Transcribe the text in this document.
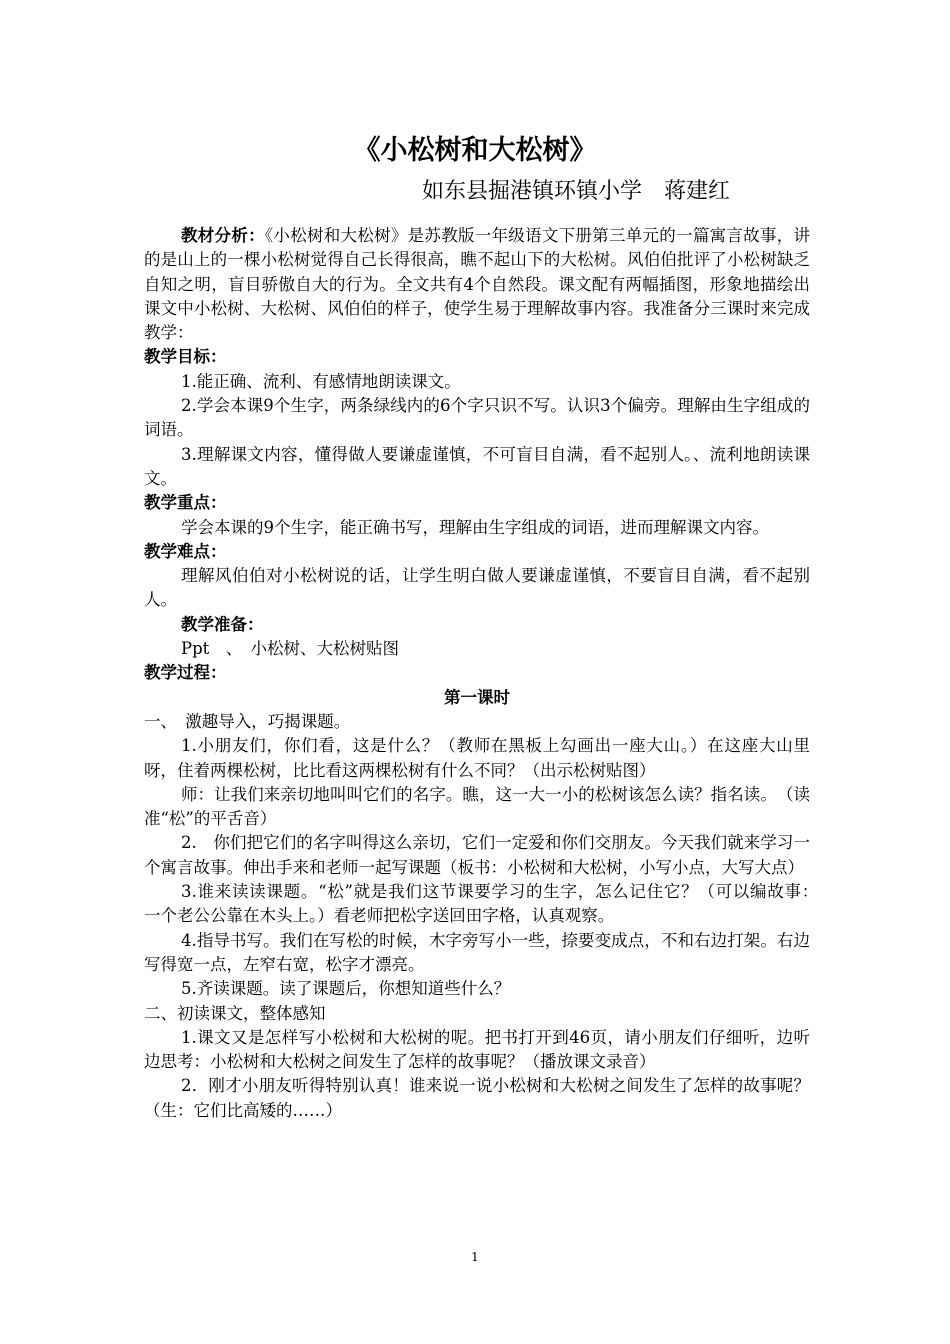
《小松树和大松树》
如东县掘港镇环镇小学　蒋建红

教材分析：《小松树和大松树》是苏教版一年级语文下册第三单元的一篇寓言故事，讲的是山上的一棵小松树觉得自己长得很高，瞧不起山下的大松树。风伯伯批评了小松树缺乏自知之明，盲目骄傲自大的行为。全文共有4个自然段。课文配有两幅插图，形象地描绘出课文中小松树、大松树、风伯伯的样子，使学生易于理解故事内容。我准备分三课时来完成教学：

教学目标：

1.能正确、流利、有感情地朗读课文。

2.学会本课9个生字，两条绿线内的6个字只识不写。认识3个偏旁。理解由生字组成的词语。

3.理解课文内容，懂得做人要谦虚谨慎，不可盲目自满，看不起别人。、流利地朗读课文。

教学重点：

学会本课的9个生字，能正确书写，理解由生字组成的词语，进而理解课文内容。

教学难点：

理解风伯伯对小松树说的话，让学生明白做人要谦虚谨慎，不要盲目自满，看不起别人。

教学准备：

Ppt　、　小松树、大松树贴图

教学过程：

第一课时

一、　激趣导入，巧揭课题。

1.小朋友们，你们看，这是什么？（教师在黑板上勾画出一座大山。）在这座大山里呀，住着两棵松树，比比看这两棵松树有什么不同？（出示松树贴图）

师：让我们来亲切地叫叫它们的名字。瞧，这一大一小的松树该怎么读？指名读。　（读准“松”的平舌音）

2.　你们把它们的名字叫得这么亲切，它们一定爱和你们交朋友。今天我们就来学习一个寓言故事。伸出手来和老师一起写课题（板书：小松树和大松树，小写小点，大写大点）

3.谁来读读课题。“松”就是我们这节课要学习的生字，怎么记住它？（可以编故事：　一个老公公靠在木头上。）看老师把松字送回田字格，认真观察。

4.指导书写。我们在写松的时候，木字旁写小一些，捺要变成点，不和右边打架。右边写得宽一点，左窄右宽，松字才漂亮。

5.齐读课题。读了课题后，你想知道些什么？

二、初读课文，整体感知

1.课文又是怎样写小松树和大松树的呢。把书打开到46页，请小朋友们仔细听，边听边思考：小松树和大松树之间发生了怎样的故事呢？（播放课文录音）

2．刚才小朋友听得特别认真！谁来说一说小松树和大松树之间发生了怎样的故事呢？（生：它们比高矮的……）

1
